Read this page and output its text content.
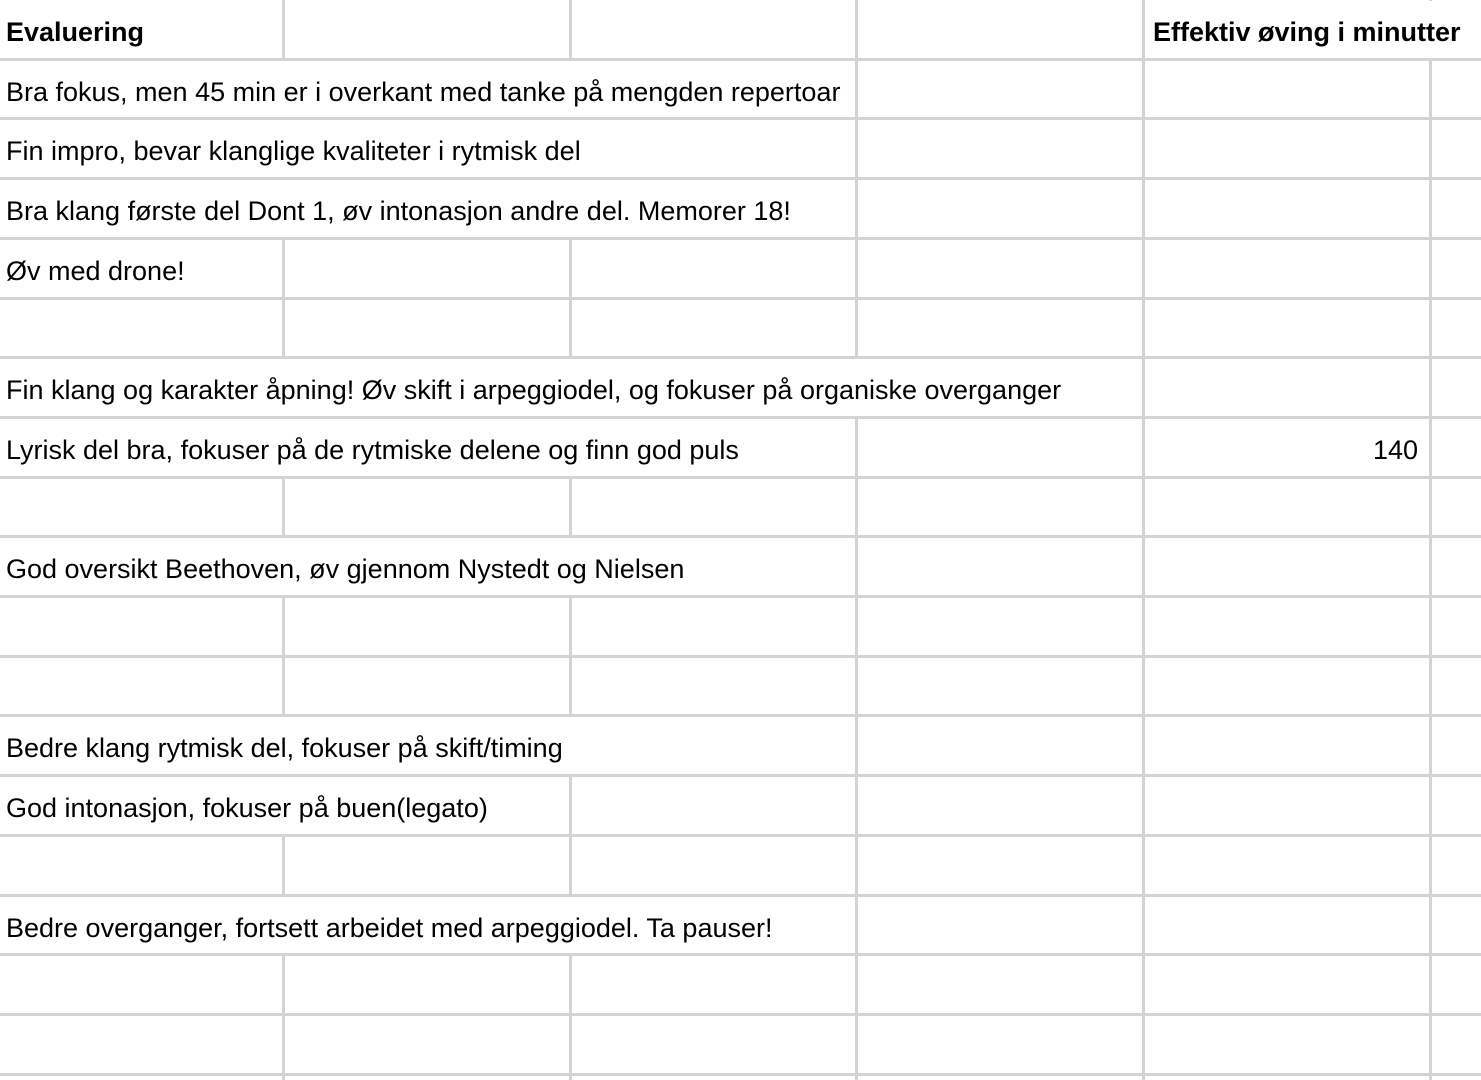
Evaluering	Effektiv øving i minutter
Bra fokus, men 45 min er i overkant med tanke på mengden repertoar
Fin impro, bevar klanglige kvaliteter i rytmisk del
Bra klang første del Dont 1, øv intonasjon andre del. Memorer 18!
Øv med drone!
Fin klang og karakter åpning! Øv skift i arpeggiodel, og fokuser på organiske overganger
Lyrisk del bra, fokuser på de rytmiske delene og finn god puls	140
God oversikt Beethoven, øv gjennom Nystedt og Nielsen
Bedre klang rytmisk del, fokuser på skift/timing
God intonasjon, fokuser på buen(legato)
Bedre overganger, fortsett arbeidet med arpeggiodel. Ta pauser!
